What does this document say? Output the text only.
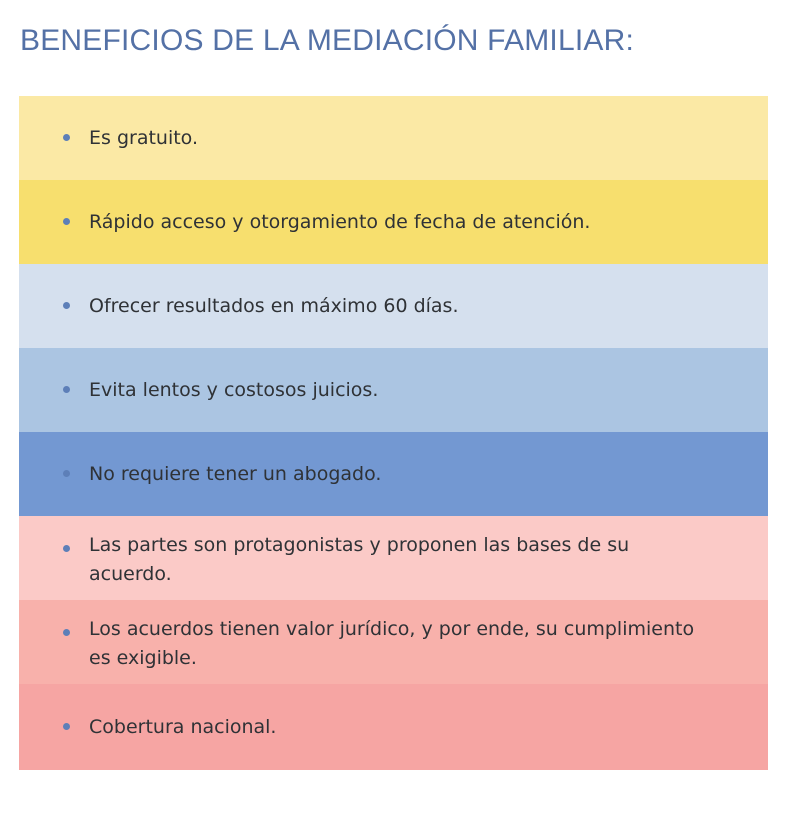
BENEFICIOS DE LA MEDIACIÓN FAMILIAR:
Es gratuito.
Rápido acceso y otorgamiento de fecha de atención.
Ofrecer resultados en máximo 60 días.
Evita lentos y costosos juicios.
No requiere tener un abogado.
Las partes son protagonistas y proponen las bases de su acuerdo.
Los acuerdos tienen valor jurídico, y por ende, su cumplimiento es exigible.
Cobertura nacional.
